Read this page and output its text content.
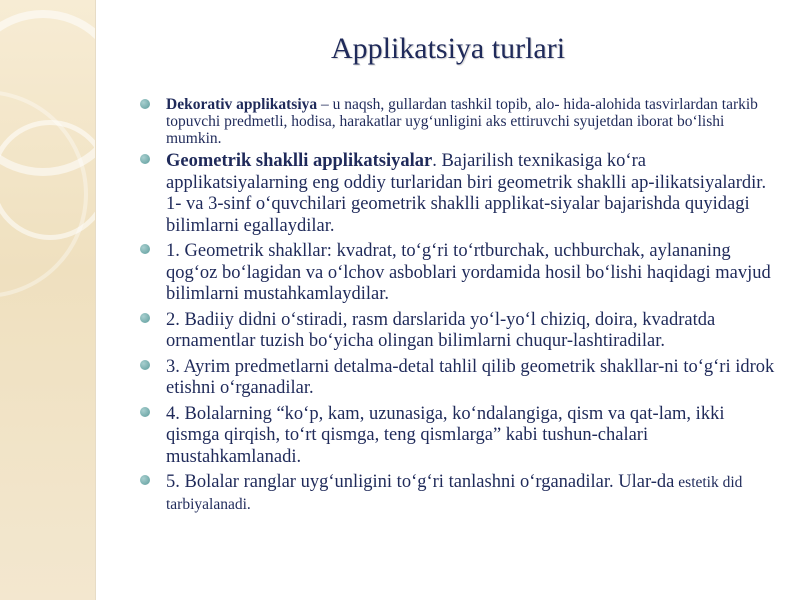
Applikatsiya turlari

Dekorativ applikatsiya – u naqsh, gullardan tashkil topib, alo- hida-alohida tasvirlardan tarkib topuvchi predmetli, hodisa, harakatlar uyg‘unligini aks ettiruvchi syujetdan iborat bo‘lishi mumkin.

Geometrik shaklli applikatsiyalar. Bajarilish texnikasiga ko‘ra applikatsiyalarning eng oddiy turlaridan biri geometrik shaklli ap-ilikatsiyalardir. 1- va 3-sinf o‘quvchilari geometrik shaklli applikat-siyalar bajarishda quyidagi bilimlarni egallaydilar.

1. Geometrik shakllar: kvadrat, to‘g‘ri to‘rtburchak, uchburchak, aylananing qog‘oz bo‘lagidan va o‘lchov asboblari yordamida hosil bo‘lishi haqidagi mavjud bilimlarni mustahkamlaydilar.

2. Badiiy didni o‘stiradi, rasm darslarida yo‘l-yo‘l chiziq, doira, kvadratda ornamentlar tuzish bo‘yicha olingan bilimlarni chuqur-lashtiradilar.

3. Ayrim predmetlarni detalma-detal tahlil qilib geometrik shakllar-ni to‘g‘ri idrok etishni o‘rganadilar.

4. Bolalarning “ko‘p, kam, uzunasiga, ko‘ndalangiga, qism va qat-lam, ikki qismga qirqish, to‘rt qismga, teng qismlarga” kabi tushun-chalari mustahkamlanadi.

5. Bolalar ranglar uyg‘unligini to‘g‘ri tanlashni o‘rganadilar. Ular-da estetik did tarbiyalanadi.
